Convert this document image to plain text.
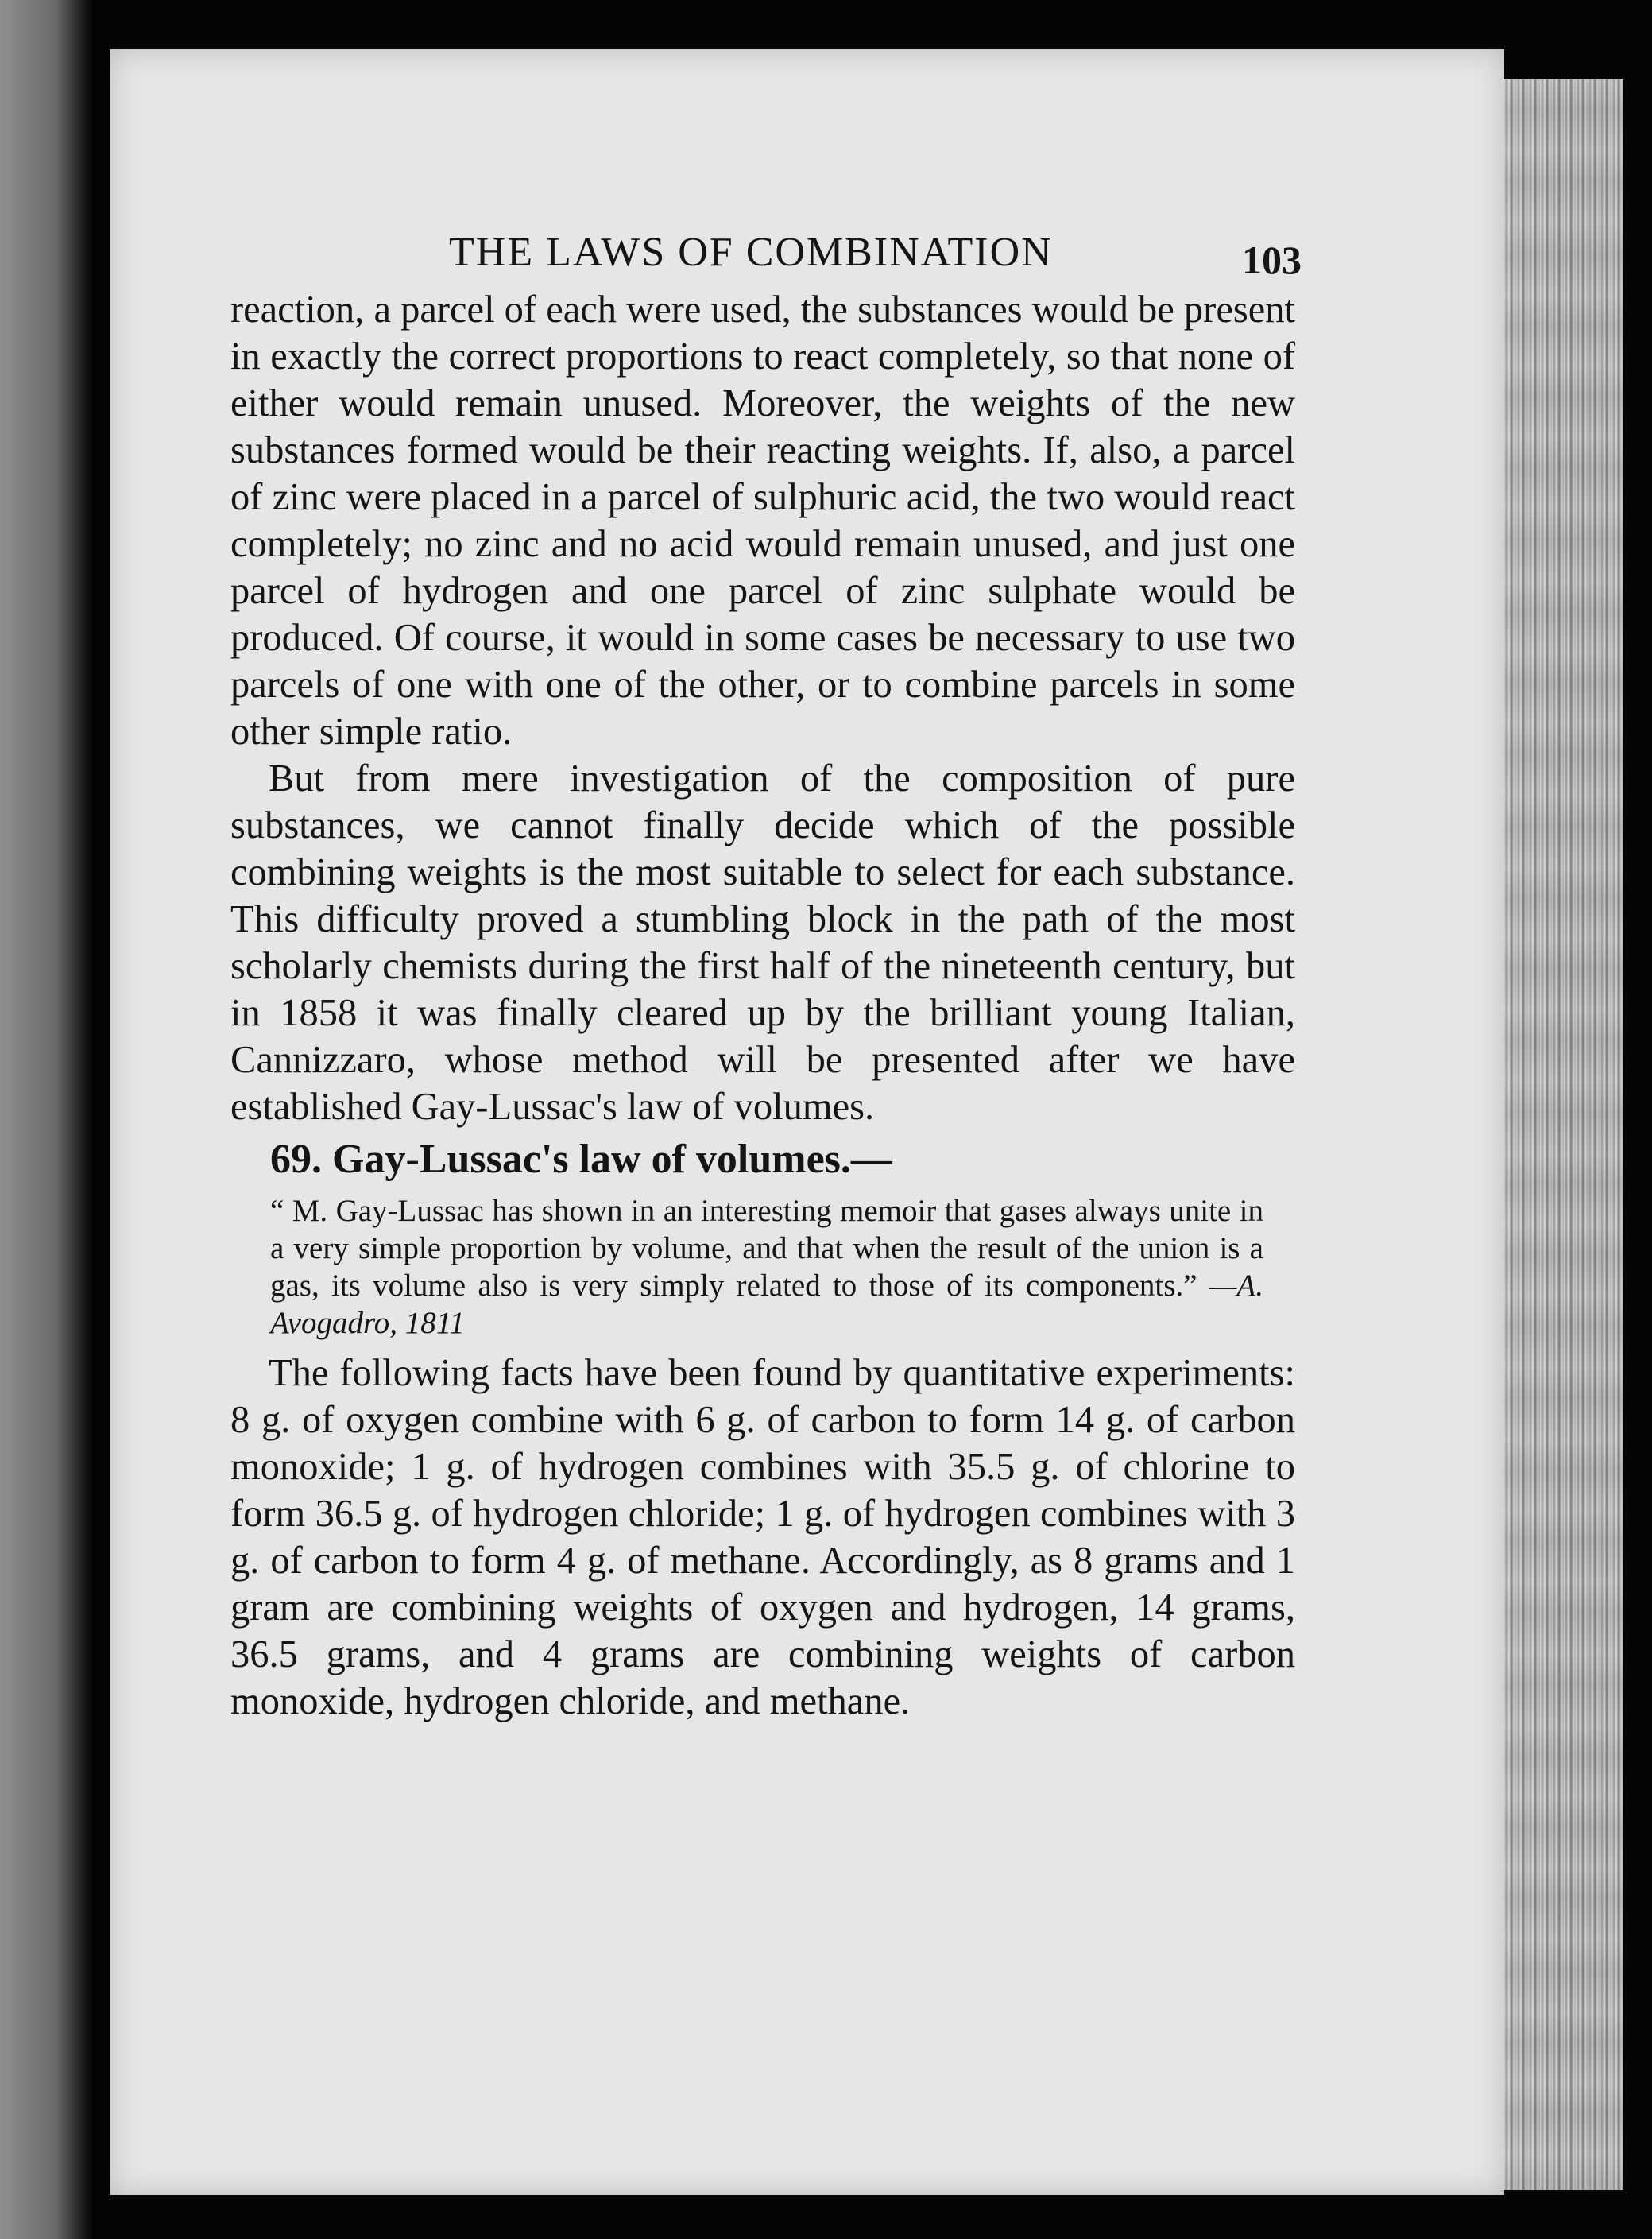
THE LAWS OF COMBINATION	103

reaction, a parcel of each were used, the substances would be present in exactly the correct proportions to react completely, so that none of either would remain unused. Moreover, the weights of the new substances formed would be their reacting weights. If, also, a parcel of zinc were placed in a parcel of sulphuric acid, the two would react completely; no zinc and no acid would remain unused, and just one parcel of hydrogen and one parcel of zinc sulphate would be produced. Of course, it would in some cases be necessary to use two parcels of one with one of the other, or to combine parcels in some other simple ratio.

But from mere investigation of the composition of pure substances, we cannot finally decide which of the possible combining weights is the most suitable to select for each substance. This difficulty proved a stumbling block in the path of the most scholarly chemists during the first half of the nineteenth century, but in 1858 it was finally cleared up by the brilliant young Italian, Cannizzaro, whose method will be presented after we have established Gay-Lussac's law of volumes.

69. Gay-Lussac's law of volumes.—

“ M. Gay-Lussac has shown in an interesting memoir that gases always unite in a very simple proportion by volume, and that when the result of the union is a gas, its volume also is very simply related to those of its components.” —A. Avogadro, 1811

The following facts have been found by quantitative experiments: 8 g. of oxygen combine with 6 g. of carbon to form 14 g. of carbon monoxide; 1 g. of hydrogen combines with 35.5 g. of chlorine to form 36.5 g. of hydrogen chloride; 1 g. of hydrogen combines with 3 g. of carbon to form 4 g. of methane. Accordingly, as 8 grams and 1 gram are combining weights of oxygen and hydrogen, 14 grams, 36.5 grams, and 4 grams are combining weights of carbon monoxide, hydrogen chloride, and methane.
